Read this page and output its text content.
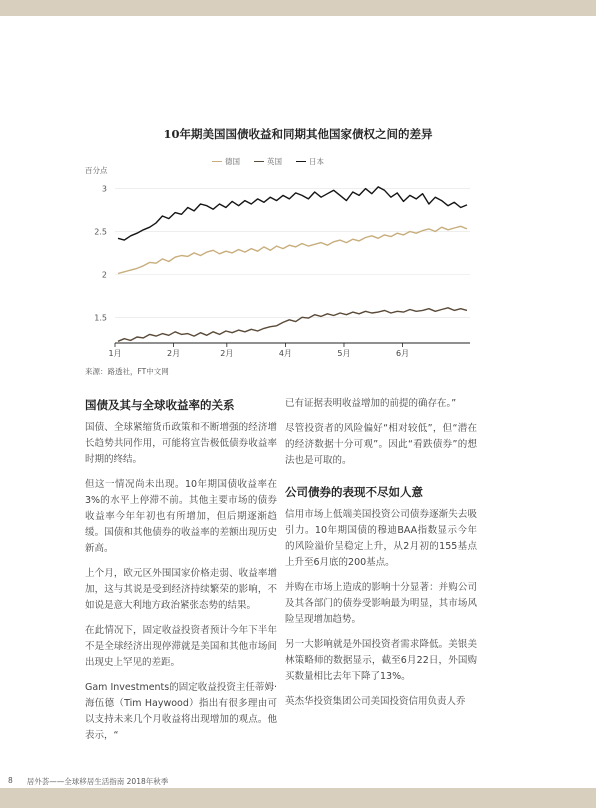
10年期美国国债收益和同期其他国家债权之间的差异
德国	英国	日本
百分点
3
2.5
2
1.5
1月	2月	2月	4月	5月	6月
来源：路透社，FT中文网
国债及其与全球收益率的关系

国债、全球紧缩货币政策和不断增强的经济增长趋势共同作用，可能将宣告极低债券收益率时期的终结。

但这一情况尚未出现。10年期国债收益率在3%的水平上停滞不前。其他主要市场的债券收益率今年年初也有所增加，但后期逐渐趋缓。国债和其他债券的收益率的差额出现历史新高。

上个月，欧元区外围国家价格走弱、收益率增加，这与其说是受到经济持续繁荣的影响，不如说是意大利地方政治紧张态势的结果。

在此情况下，固定收益投资者预计今年下半年不是全球经济出现停滞就是美国和其他市场间出现史上罕见的差距。

Gam Investments的固定收益投资主任蒂姆·海伍德（Tim Haywood）指出有很多理由可以支持未来几个月收益将出现增加的观点。他表示，“

已有证据表明收益增加的前提的确存在。”

尽管投资者的风险偏好“相对较低”，但“潜在的经济数据十分可观”。因此“看跌债券”的想法也是可取的。

公司债券的表现不尽如人意

信用市场上低端美国投资公司债券逐渐失去吸引力。10年期国债的穆迪BAA指数显示今年的风险溢价呈稳定上升，从2月初的155基点上升至6月底的200基点。

并购在市场上造成的影响十分显著：并购公司及其各部门的债券受影响最为明显，其市场风险呈现增加趋势。

另一大影响就是外国投资者需求降低。美银美林策略师的数据显示，截至6月22日，外国购买数量相比去年下降了13%。

英杰华投资集团公司美国投资信用负责人乔

8 居外荟——全球移居生活指南 2018年秋季
